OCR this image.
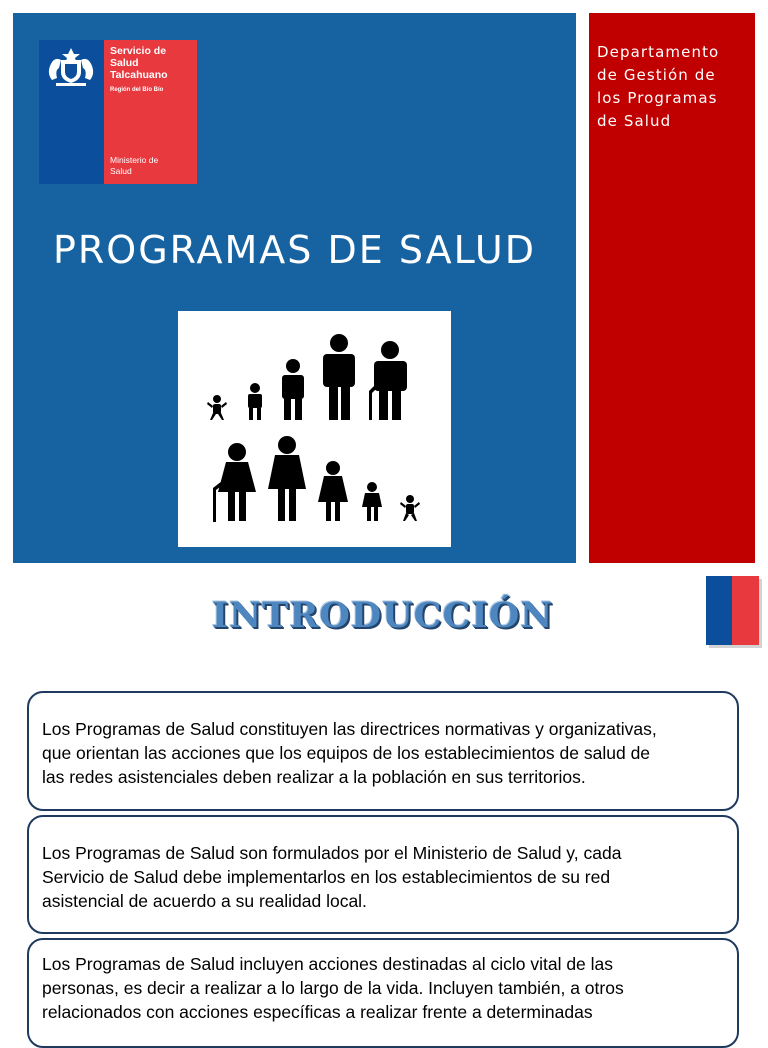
Servicio de
Salud
Talcahuano
Región del Bío Bío
Ministerio de
Salud
PROGRAMAS DE SALUD
Departamento
de Gestión de
los Programas
de Salud
INTRODUCCIÓN
Los Programas de Salud constituyen las directrices normativas y organizativas,
que orientan las acciones que los equipos de los establecimientos de salud de
las redes asistenciales deben realizar a la población en sus territorios.
Los Programas de Salud son formulados por el Ministerio de Salud y, cada
Servicio de Salud debe implementarlos en los establecimientos de su red
asistencial de acuerdo a su realidad local.
Los Programas de Salud incluyen acciones destinadas al ciclo vital de las
personas, es decir a realizar a lo largo de la vida. Incluyen también, a otros
relacionados con acciones específicas a realizar frente a determinadas
